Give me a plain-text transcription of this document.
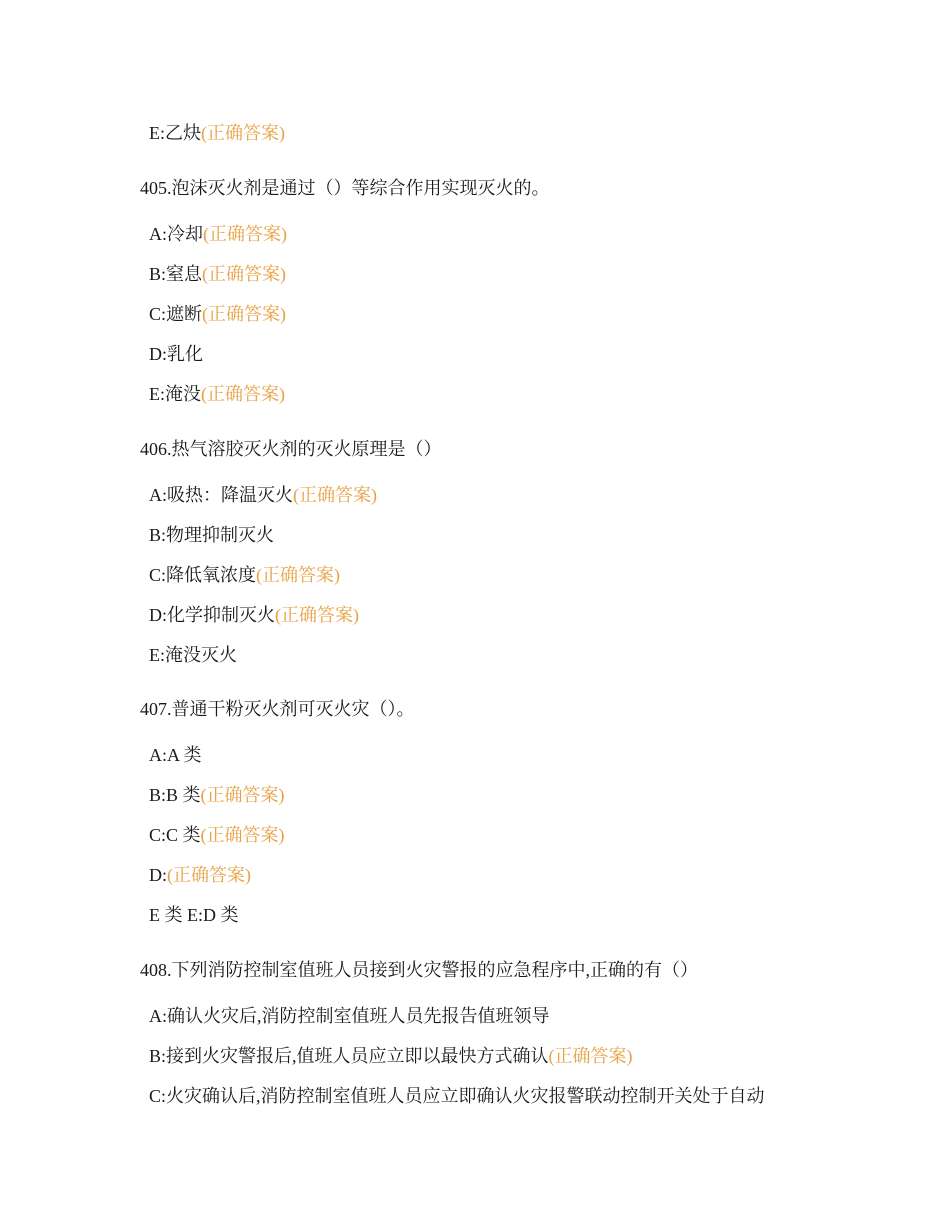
E:乙炔(正确答案)
405.泡沫灭火剂是通过（）等综合作用实现灭火的。
A:冷却(正确答案)
B:窒息(正确答案)
C:遮断(正确答案)
D:乳化
E:淹没(正确答案)
406.热气溶胶灭火剂的灭火原理是（）
A:吸热：降温灭火(正确答案)
B:物理抑制灭火
C:降低氧浓度(正确答案)
D:化学抑制灭火(正确答案)
E:淹没灭火
407.普通干粉灭火剂可灭火灾（）。
A:A 类
B:B 类(正确答案)
C:C 类(正确答案)
D:(正确答案)
E 类 E:D 类
408.下列消防控制室值班人员接到火灾警报的应急程序中,正确的有（）
A:确认火灾后,消防控制室值班人员先报告值班领导
B:接到火灾警报后,值班人员应立即以最快方式确认(正确答案)
C:火灾确认后,消防控制室值班人员应立即确认火灾报警联动控制开关处于自动
